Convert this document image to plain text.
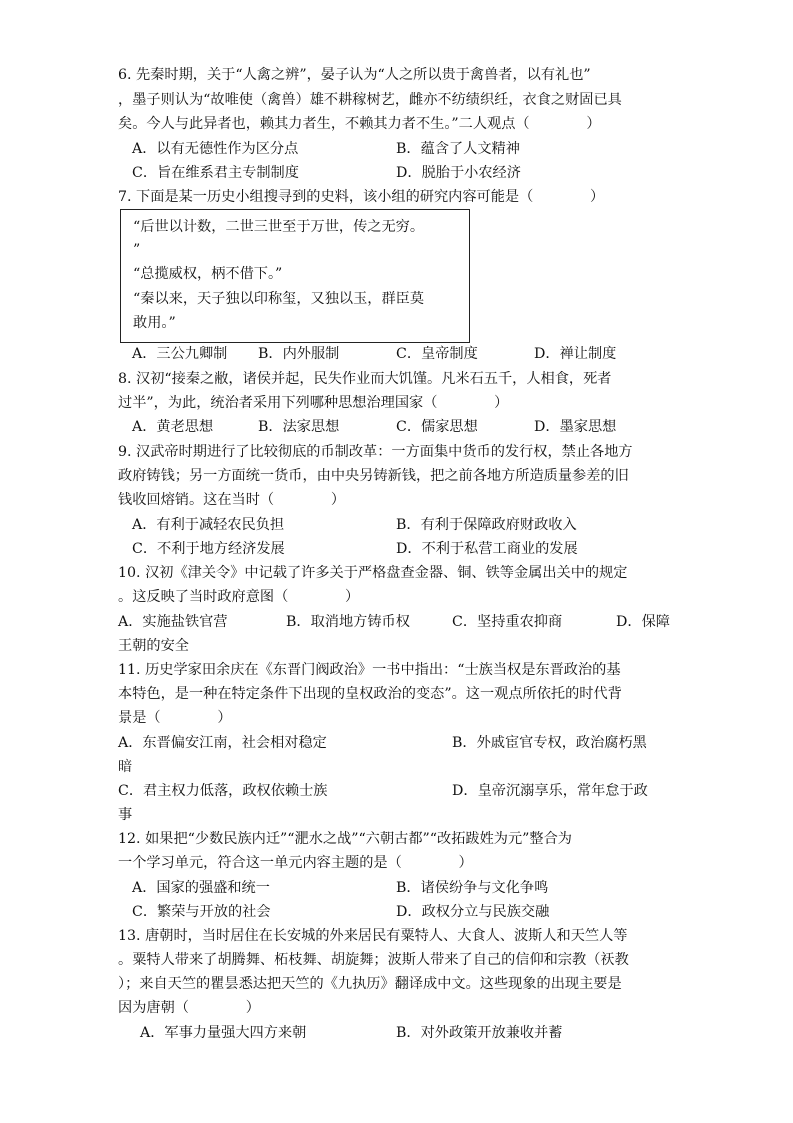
6. 先秦时期，关于“人禽之辨”，晏子认为“人之所以贵于禽兽者，以有礼也”
，墨子则认为“故唯使（禽兽）雄不耕稼树艺，雌亦不纺绩织纴，衣食之财固已具
矣。今人与此异者也，赖其力者生，不赖其力者不生。”二人观点（　　　　）
A．以有无德性作为区分点	B．蕴含了人文精神
C．旨在维系君主专制制度	D．脱胎于小农经济
7. 下面是某一历史小组搜寻到的史料，该小组的研究内容可能是（　　　　）
“后世以计数，二世三世至于万世，传之无穷。
”
“总揽威权，柄不借下。”
“秦以来，天子独以印称玺，又独以玉，群臣莫
敢用。”
A．三公九卿制 B．内外服制	C．皇帝制度	D．禅让制度
8. 汉初“接秦之敝，诸侯并起，民失作业而大饥馑。凡米石五千，人相食，死者
过半”，为此，统治者采用下列哪种思想治理国家（　　　　）
A．黄老思想	B．法家思想	C．儒家思想	D．墨家思想
9. 汉武帝时期进行了比较彻底的币制改革：一方面集中货币的发行权，禁止各地方
政府铸钱；另一方面统一货币，由中央另铸新钱，把之前各地方所造质量参差的旧
钱收回熔销。这在当时（　　　　）
A．有利于减轻农民负担	B．有利于保障政府财政收入
C．不利于地方经济发展	D．不利于私营工商业的发展
10. 汉初《津关令》中记载了许多关于严格盘查金器、铜、铁等金属出关中的规定
。这反映了当时政府意图（　　　　）
A．实施盐铁官营	B．取消地方铸币权	C．坚持重农抑商	D．保障
王朝的安全
11. 历史学家田余庆在《东晋门阀政治》一书中指出：“士族当权是东晋政治的基
本特色，是一种在特定条件下出现的皇权政治的变态”。这一观点所依托的时代背
景是（　　　　）
A．东晋偏安江南，社会相对稳定	B．外戚宦官专权，政治腐朽黑
暗
C．君主权力低落，政权依赖士族	D．皇帝沉溺享乐，常年怠于政
事
12. 如果把“少数民族内迁”“淝水之战”“六朝古都”“改拓跋姓为元”整合为
一个学习单元，符合这一单元内容主题的是（　　　　）
A．国家的强盛和统一	B．诸侯纷争与文化争鸣
C．繁荣与开放的社会	D．政权分立与民族交融
13. 唐朝时，当时居住在长安城的外来居民有粟特人、大食人、波斯人和天竺人等
。粟特人带来了胡腾舞、柘枝舞、胡旋舞；波斯人带来了自己的信仰和宗教（祆教
）；来自天竺的瞿昙悉达把天竺的《九执历》翻译成中文。这些现象的出现主要是
因为唐朝（　　　　）
A．军事力量强大四方来朝	B．对外政策开放兼收并蓄
